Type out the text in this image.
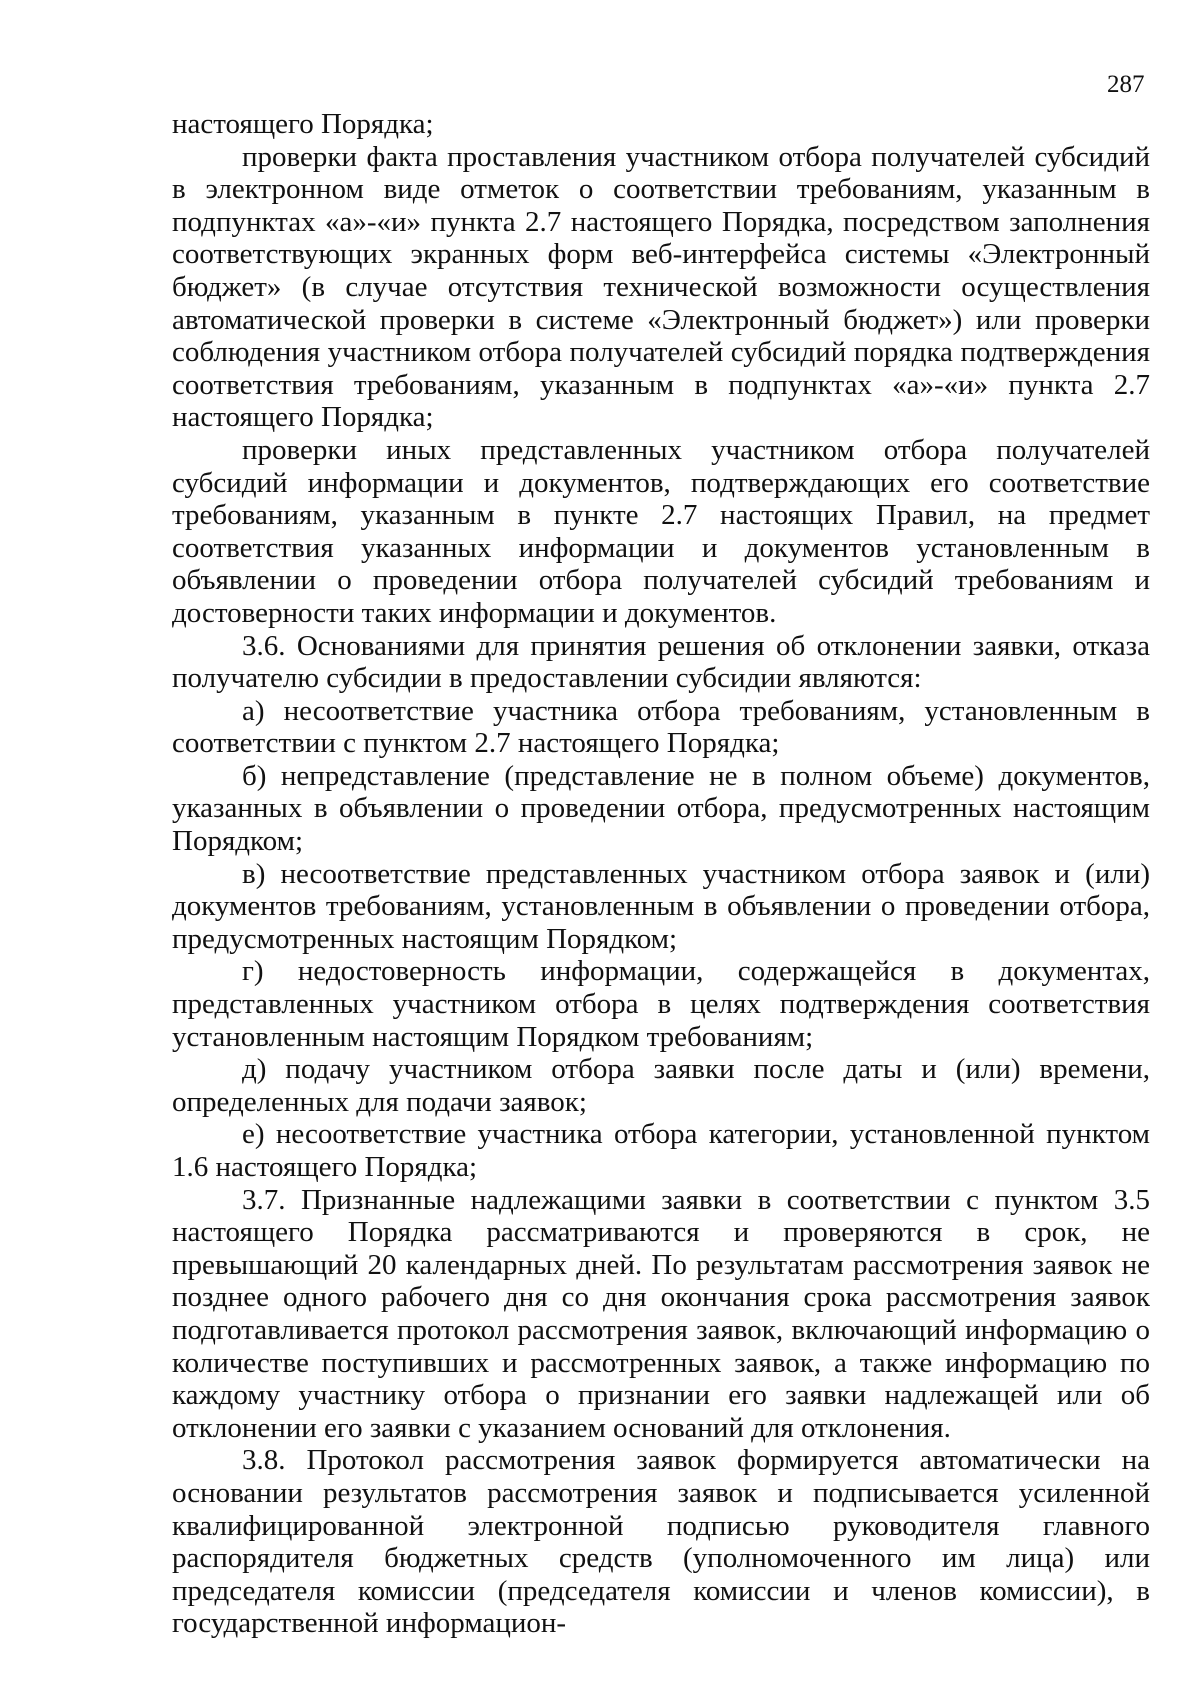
287

настоящего Порядка;

проверки факта проставления участником отбора получателей субсидий в электронном виде отметок о соответствии требованиям, указанным в подпунктах «а»-«и» пункта 2.7 настоящего Порядка, посредством заполнения соответствующих экранных форм веб-интерфейса системы «Электронный бюджет» (в случае отсутствия технической возможности осуществления автоматической проверки в системе «Электронный бюджет») или проверки соблюдения участником отбора получателей субсидий порядка подтверждения соответствия требованиям, указанным в подпунктах «а»-«и» пункта 2.7 настоящего Порядка;

проверки иных представленных участником отбора получателей субсидий информации и документов, подтверждающих его соответствие требованиям, указанным в пункте 2.7 настоящих Правил, на предмет соответствия указанных информации и документов установленным в объявлении о проведении отбора получателей субсидий требованиям и достоверности таких информации и документов.

3.6. Основаниями для принятия решения об отклонении заявки, отказа получателю субсидии в предоставлении субсидии являются:

а) несоответствие участника отбора требованиям, установленным в соответствии с пунктом 2.7 настоящего Порядка;

б) непредставление (представление не в полном объеме) документов, указанных в объявлении о проведении отбора, предусмотренных настоящим Порядком;

в) несоответствие представленных участником отбора заявок и (или) документов требованиям, установленным в объявлении о проведении отбора, предусмотренных настоящим Порядком;

г) недостоверность информации, содержащейся в документах, представленных участником отбора в целях подтверждения соответствия установленным настоящим Порядком требованиям;

д) подачу участником отбора заявки после даты и (или) времени, определенных для подачи заявок;

е) несоответствие участника отбора категории, установленной пунктом 1.6 настоящего Порядка;

3.7. Признанные надлежащими заявки в соответствии с пунктом 3.5 настоящего Порядка рассматриваются и проверяются в срок, не превышающий 20 календарных дней. По результатам рассмотрения заявок не позднее одного рабочего дня со дня окончания срока рассмотрения заявок подготавливается протокол рассмотрения заявок, включающий информацию о количестве поступивших и рассмотренных заявок, а также информацию по каждому участнику отбора о признании его заявки надлежащей или об отклонении его заявки с указанием оснований для отклонения.

3.8. Протокол рассмотрения заявок формируется автоматически на основании результатов рассмотрения заявок и подписывается усиленной квалифицированной электронной подписью руководителя главного распорядителя бюджетных средств (уполномоченного им лица) или председателя комиссии (председателя комиссии и членов комиссии), в государственной информацион-
